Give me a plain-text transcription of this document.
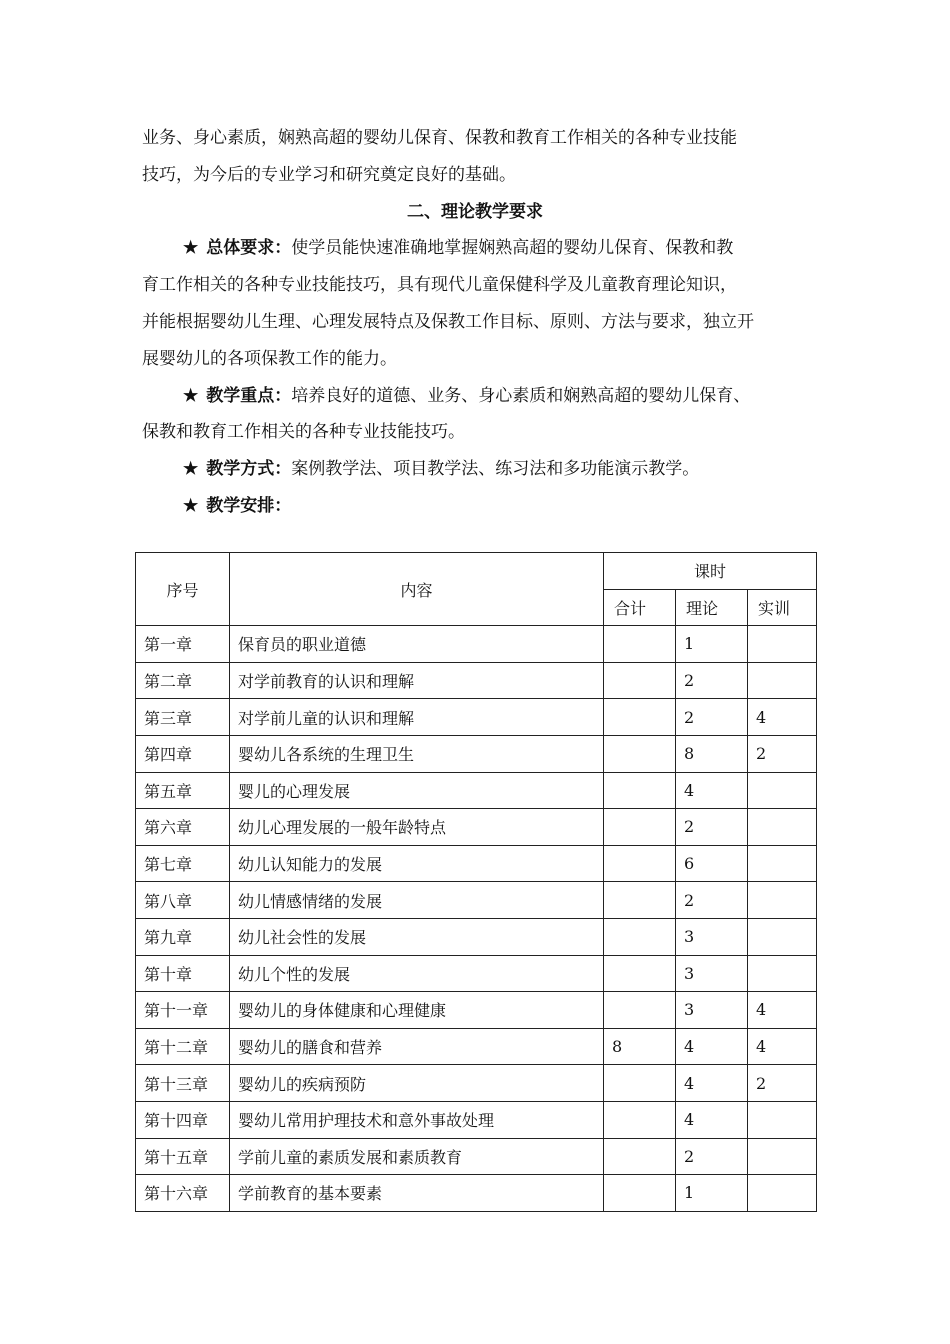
业务、身心素质，娴熟高超的婴幼儿保育、保教和教育工作相关的各种专业技能
技巧，为今后的专业学习和研究奠定良好的基础。
二、理论教学要求
★ 总体要求：使学员能快速准确地掌握娴熟高超的婴幼儿保育、保教和教
育工作相关的各种专业技能技巧，具有现代儿童保健科学及儿童教育理论知识，
并能根据婴幼儿生理、心理发展特点及保教工作目标、原则、方法与要求，独立开
展婴幼儿的各项保教工作的能力。
★ 教学重点：培养良好的道德、业务、身心素质和娴熟高超的婴幼儿保育、
保教和教育工作相关的各种专业技能技巧。
★ 教学方式：案例教学法、项目教学法、练习法和多功能演示教学。
★ 教学安排：
序号	内容	课时		
		合计	理论	实训
第一章	保育员的职业道德		1	
第二章	对学前教育的认识和理解		2	
第三章	对学前儿童的认识和理解		2	4
第四章	婴幼儿各系统的生理卫生		8	2
第五章	婴儿的心理发展		4	
第六章	幼儿心理发展的一般年龄特点		2	
第七章	幼儿认知能力的发展		6	
第八章	幼儿情感情绪的发展		2	
第九章	幼儿社会性的发展		3	
第十章	幼儿个性的发展		3	
第十一章	婴幼儿的身体健康和心理健康		3	4
第十二章	婴幼儿的膳食和营养	8	4	4
第十三章	婴幼儿的疾病预防		4	2
第十四章	婴幼儿常用护理技术和意外事故处理		4	
第十五章	学前儿童的素质发展和素质教育		2	
第十六章	学前教育的基本要素		1	
